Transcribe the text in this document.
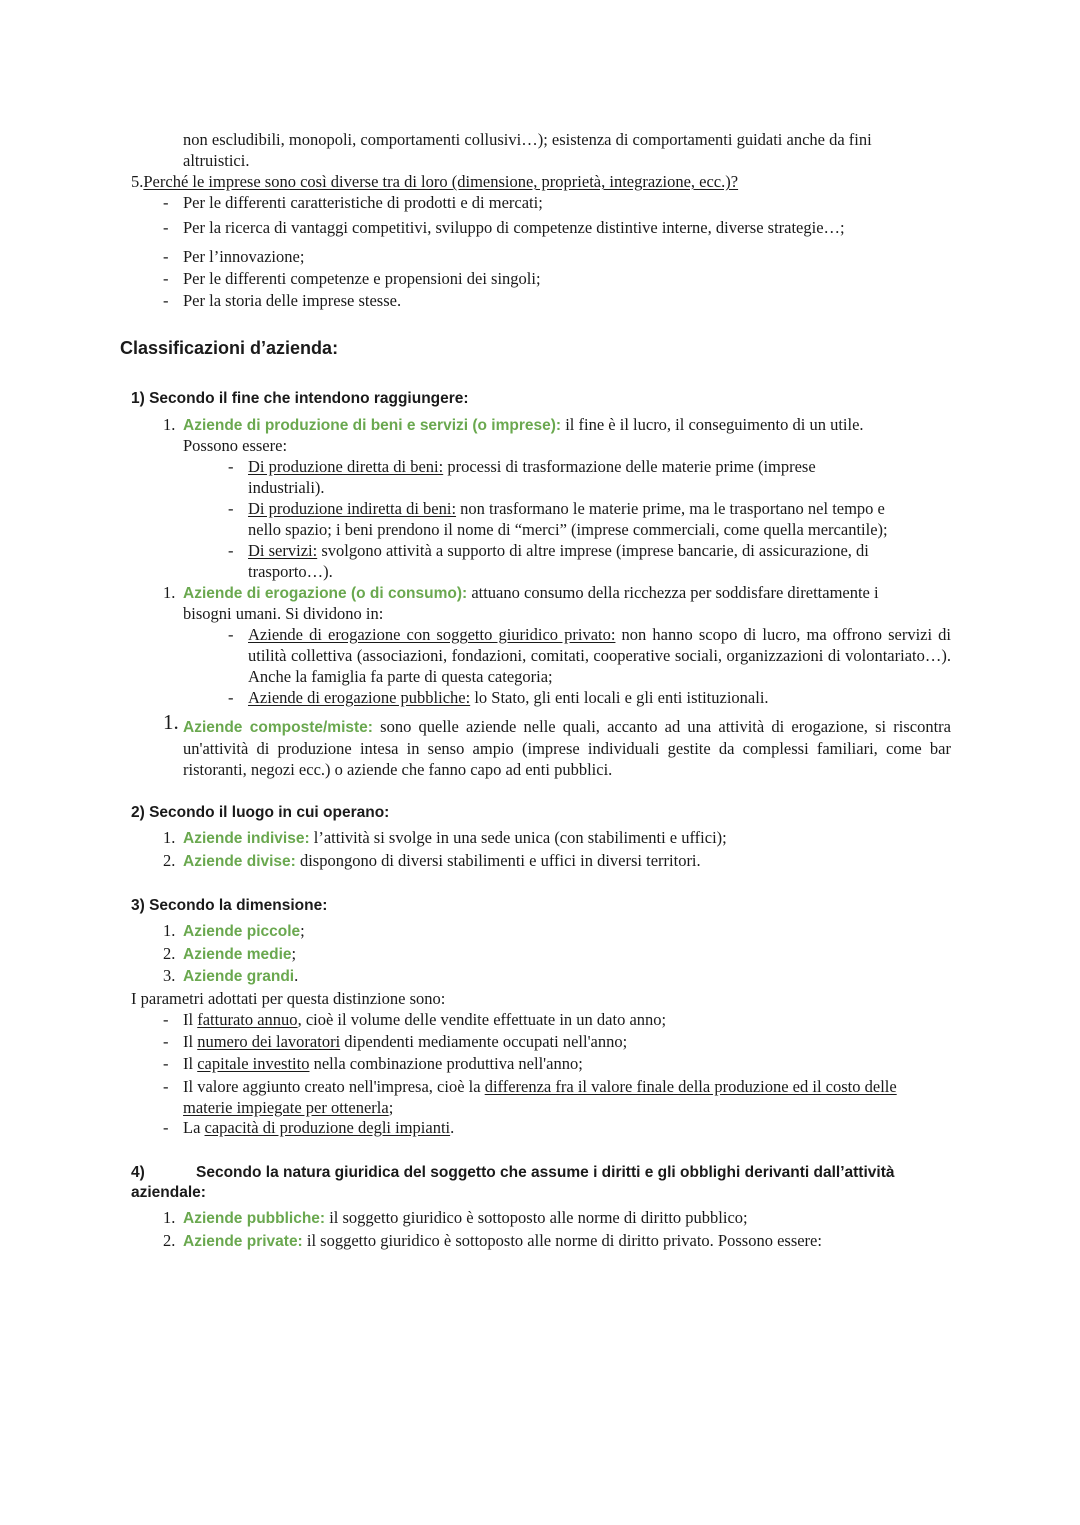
non escludibili, monopoli, comportamenti collusivi…); esistenza di comportamenti guidati anche da fini
altruistici.
5.Perché le imprese sono così diverse tra di loro (dimensione, proprietà, integrazione, ecc.)?
- Per le differenti caratteristiche di prodotti e di mercati;
- Per la ricerca di vantaggi competitivi, sviluppo di competenze distintive interne, diverse strategie…;
- Per l’innovazione;
- Per le differenti competenze e propensioni dei singoli;
- Per la storia delle imprese stesse.
Classificazioni d’azienda:
1) Secondo il fine che intendono raggiungere:
1. Aziende di produzione di beni e servizi (o imprese): il fine è il lucro, il conseguimento di un utile.
Possono essere:
- Di produzione diretta di beni: processi di trasformazione delle materie prime (imprese
industriali).
- Di produzione indiretta di beni: non trasformano le materie prime, ma le trasportano nel tempo e
nello spazio; i beni prendono il nome di “merci” (imprese commerciali, come quella mercantile);
- Di servizi: svolgono attività a supporto di altre imprese (imprese bancarie, di assicurazione, di
trasporto…).
1. Aziende di erogazione (o di consumo): attuano consumo della ricchezza per soddisfare direttamente i
bisogni umani. Si dividono in:
- Aziende di erogazione con soggetto giuridico privato: non hanno scopo di lucro, ma offrono servizi di utilità collettiva (associazioni, fondazioni, comitati, cooperative sociali, organizzazioni di volontariato…). Anche la famiglia fa parte di questa categoria;
- Aziende di erogazione pubbliche: lo Stato, gli enti locali e gli enti istituzionali.
1. Aziende composte/miste: sono quelle aziende nelle quali, accanto ad una attività di erogazione, si riscontra un'attività di produzione intesa in senso ampio (imprese individuali gestite da complessi familiari, come bar ristoranti, negozi ecc.) o aziende che fanno capo ad enti pubblici.
2) Secondo il luogo in cui operano:
1. Aziende indivise: l’attività si svolge in una sede unica (con stabilimenti e uffici);
2. Aziende divise: dispongono di diversi stabilimenti e uffici in diversi territori.
3) Secondo la dimensione:
1. Aziende piccole;
2. Aziende medie;
3. Aziende grandi.
I parametri adottati per questa distinzione sono:
- Il fatturato annuo, cioè il volume delle vendite effettuate in un dato anno;
- Il numero dei lavoratori dipendenti mediamente occupati nell'anno;
- Il capitale investito nella combinazione produttiva nell'anno;
- Il valore aggiunto creato nell'impresa, cioè la differenza fra il valore finale della produzione ed il costo delle
materie impiegate per ottenerla;
- La capacità di produzione degli impianti.
4)	Secondo la natura giuridica del soggetto che assume i diritti e gli obblighi derivanti dall’attività
aziendale:
1. Aziende pubbliche: il soggetto giuridico è sottoposto alle norme di diritto pubblico;
2. Aziende private: il soggetto giuridico è sottoposto alle norme di diritto privato. Possono essere:
